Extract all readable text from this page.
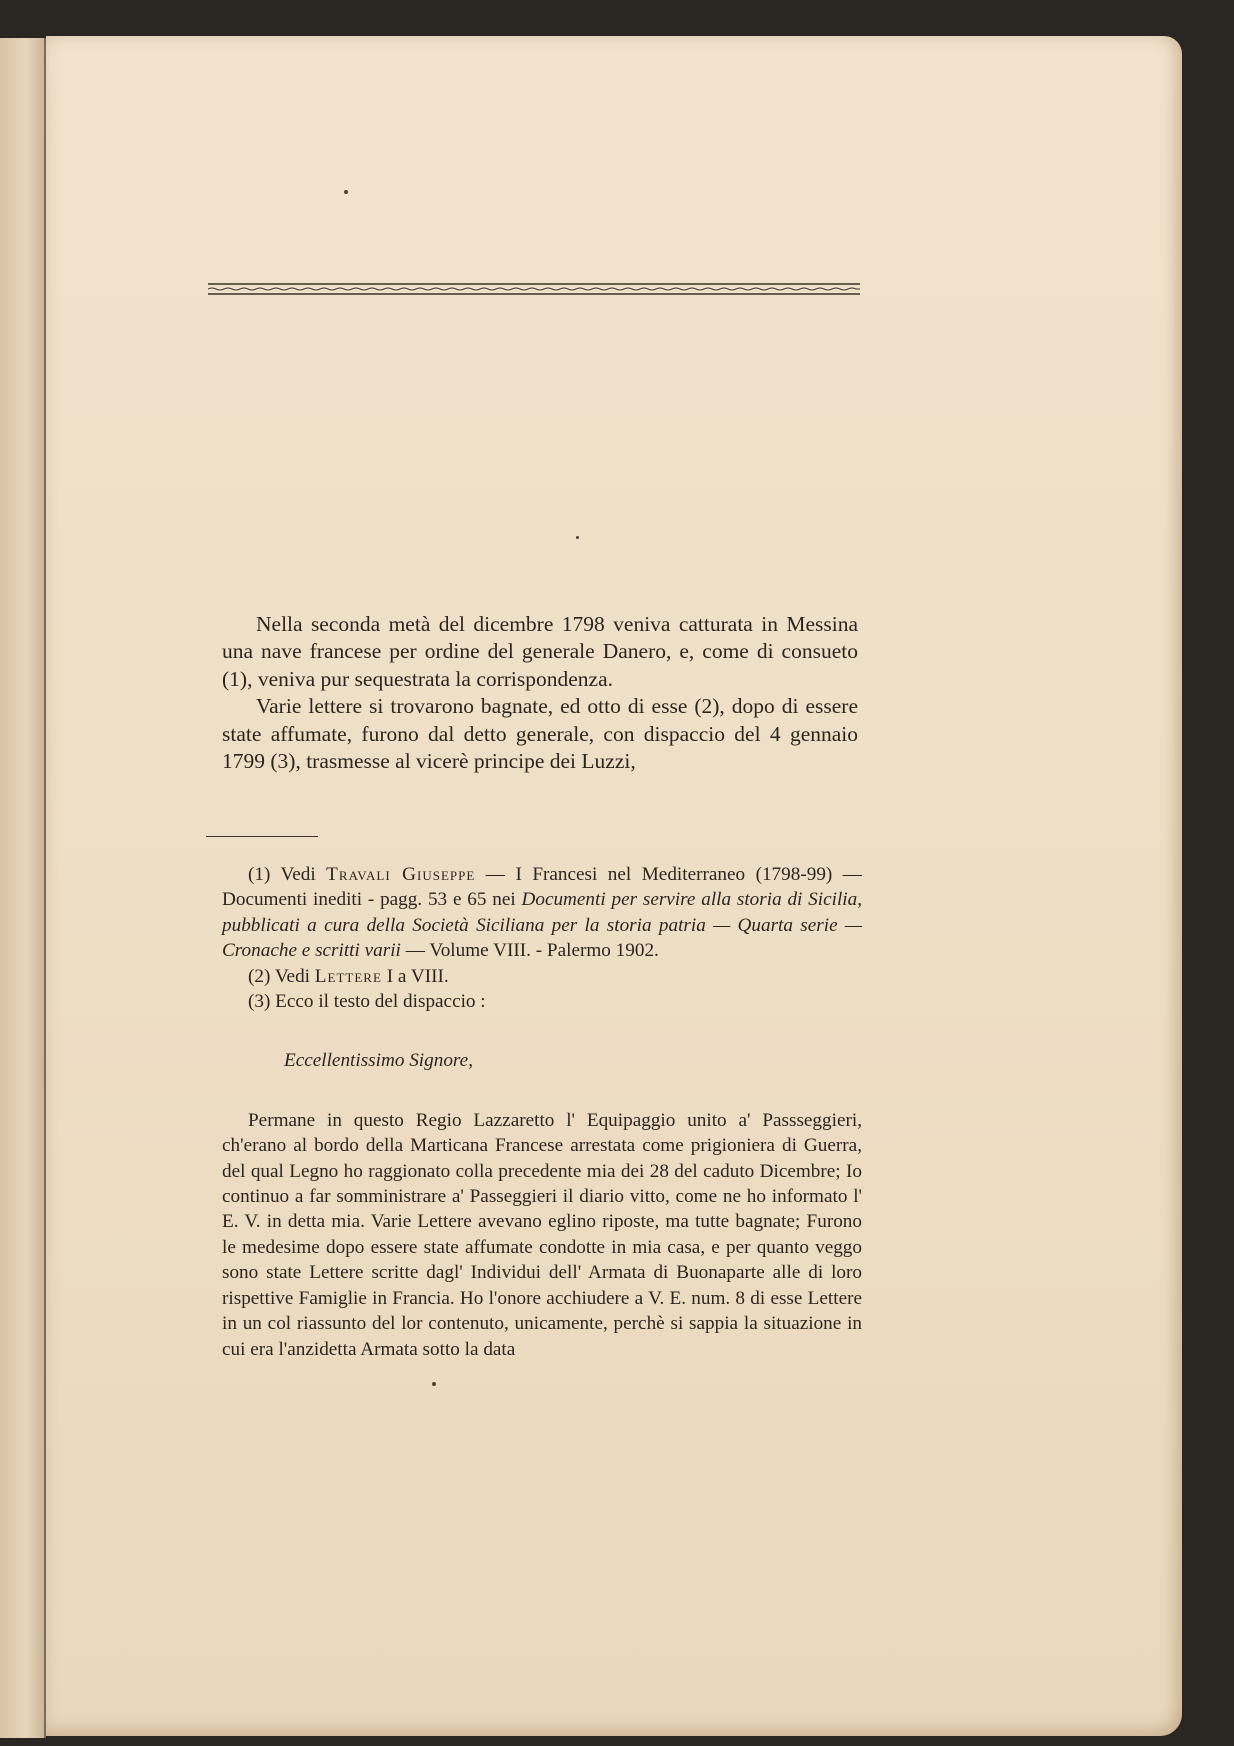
Nella seconda metà del dicembre 1798 veniva catturata in Messina una nave francese per ordine del generale Danero, e, come di consueto (1), veniva pur sequestrata la corrispondenza.

Varie lettere si trovarono bagnate, ed otto di esse (2), dopo di essere state affumate, furono dal detto generale, con dispaccio del 4 gennaio 1799 (3), trasmesse al vicerè principe dei Luzzi,

(1) Vedi Travali Giuseppe — I Francesi nel Mediterraneo (1798-99) — Documenti inediti - pagg. 53 e 65 nei Documenti per servire alla storia di Sicilia, pubblicati a cura della Società Siciliana per la storia patria — Quarta serie — Cronache e scritti varii — Volume VIII. - Palermo 1902.

(2) Vedi Lettere I a VIII.

(3) Ecco il testo del dispaccio :

Eccellentissimo Signore,

Permane in questo Regio Lazzaretto l' Equipaggio unito a' Passseggieri, ch'erano al bordo della Marticana Francese arrestata come prigioniera di Guerra, del qual Legno ho raggionato colla precedente mia dei 28 del caduto Dicembre; Io continuo a far somministrare a' Passeggieri il diario vitto, come ne ho informato l' E. V. in detta mia. Varie Lettere avevano eglino riposte, ma tutte bagnate; Furono le medesime dopo essere state affumate condotte in mia casa, e per quanto veggo sono state Lettere scritte dagl' Individui dell' Armata di Buonaparte alle di loro rispettive Famiglie in Francia. Ho l'onore acchiudere a V. E. num. 8 di esse Lettere in un col riassunto del lor contenuto, unicamente, perchè si sappia la situazione in cui era l'anzidetta Armata sotto la data
